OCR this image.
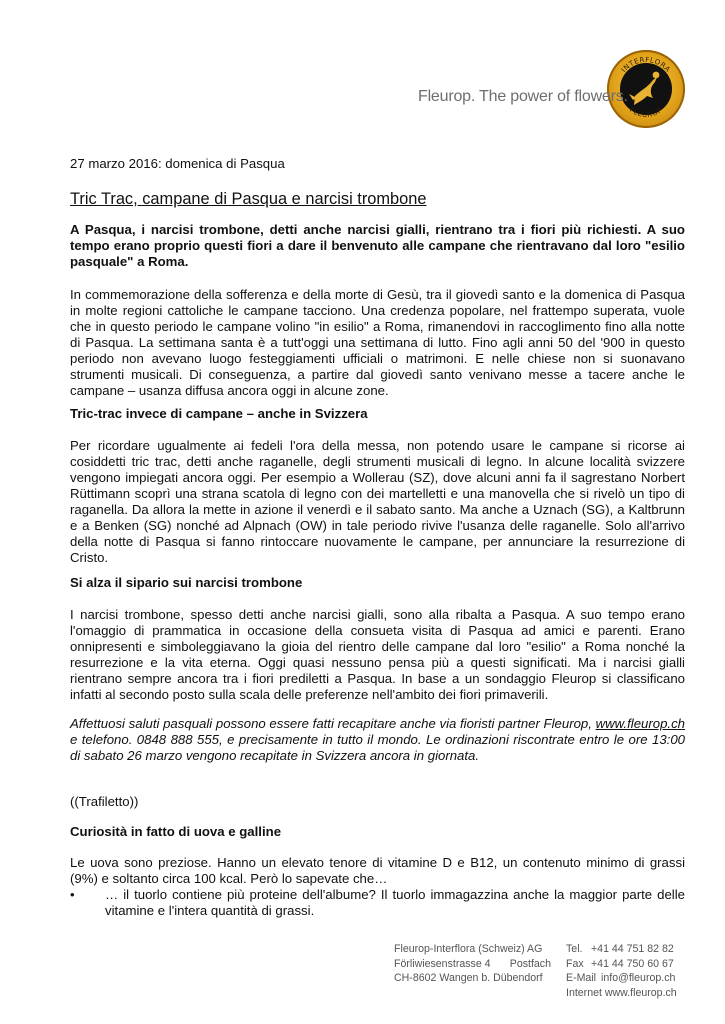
INTERFLORA
FLEUROP
Fleurop. The power of flowers.
27 marzo 2016: domenica di Pasqua
Tric Trac, campane di Pasqua e narcisi trombone

A Pasqua, i narcisi trombone, detti anche narcisi gialli, rientrano tra i fiori più richiesti. A suo tempo erano proprio questi fiori a dare il benvenuto alle campane che rientravano dal loro "esilio pasquale" a Roma.

In commemorazione della sofferenza e della morte di Gesù, tra il giovedì santo e la domenica di Pasqua in molte regioni cattoliche le campane tacciono. Una credenza popolare, nel frattempo superata, vuole che in questo periodo le campane volino "in esilio" a Roma, rimanendovi in raccoglimento fino alla notte di Pasqua. La settimana santa è a tutt'oggi una settimana di lutto. Fino agli anni 50 del '900 in questo periodo non avevano luogo festeggiamenti ufficiali o matrimoni. E nelle chiese non si suonavano strumenti musicali. Di conseguenza, a partire dal giovedì santo venivano messe a tacere anche le campane – usanza diffusa ancora oggi in alcune zone.

Tric-trac invece di campane – anche in Svizzera

Per ricordare ugualmente ai fedeli l'ora della messa, non potendo usare le campane si ricorse ai cosiddetti tric trac, detti anche raganelle, degli strumenti musicali di legno. In alcune località svizzere vengono impiegati ancora oggi. Per esempio a Wollerau (SZ), dove alcuni anni fa il sagrestano Norbert Rüttimann scoprì una strana scatola di legno con dei martelletti e una manovella che si rivelò un tipo di raganella. Da allora la mette in azione il venerdì e il sabato santo. Ma anche a Uznach (SG), a Kaltbrunn e a Benken (SG) nonché ad Alpnach (OW) in tale periodo rivive l'usanza delle raganelle. Solo all'arrivo della notte di Pasqua si fanno rintoccare nuovamente le campane, per annunciare la resurrezione di Cristo.

Si alza il sipario sui narcisi trombone

I narcisi trombone, spesso detti anche narcisi gialli, sono alla ribalta a Pasqua. A suo tempo erano l'omaggio di prammatica in occasione della consueta visita di Pasqua ad amici e parenti. Erano onnipresenti e simboleggiavano la gioia del rientro delle campane dal loro "esilio" a Roma nonché la resurrezione e la vita eterna. Oggi quasi nessuno pensa più a questi significati. Ma i narcisi gialli rientrano sempre ancora tra i fiori prediletti a Pasqua. In base a un sondaggio Fleurop si classificano infatti al secondo posto sulla scala delle preferenze nell'ambito dei fiori primaverili.

Affettuosi saluti pasquali possono essere fatti recapitare anche via fioristi partner Fleurop, www.fleurop.ch e telefono. 0848 888 555, e precisamente in tutto il mondo. Le ordinazioni riscontrate entro le ore 13:00 di sabato 26 marzo vengono recapitate in Svizzera ancora in giornata.

((Trafiletto))

Curiosità in fatto di uova e galline

Le uova sono preziose. Hanno un elevato tenore di vitamine D e B12, un contenuto minimo di grassi (9%) e soltanto circa 100 kcal. Però lo sapevate che…

• … il tuorlo contiene più proteine dell'albume? Il tuorlo immagazzina anche la maggior parte delle vitamine e l'intera quantità di grassi.
Fleurop-Interflora (Schweiz) AG
Förliwiesenstrasse 4 Postfach
CH-8602 Wangen b. Dübendorf
Tel. +41 44 751 82 82
Fax +41 44 750 60 67
E-Mail info@fleurop.ch
Internet www.fleurop.ch
